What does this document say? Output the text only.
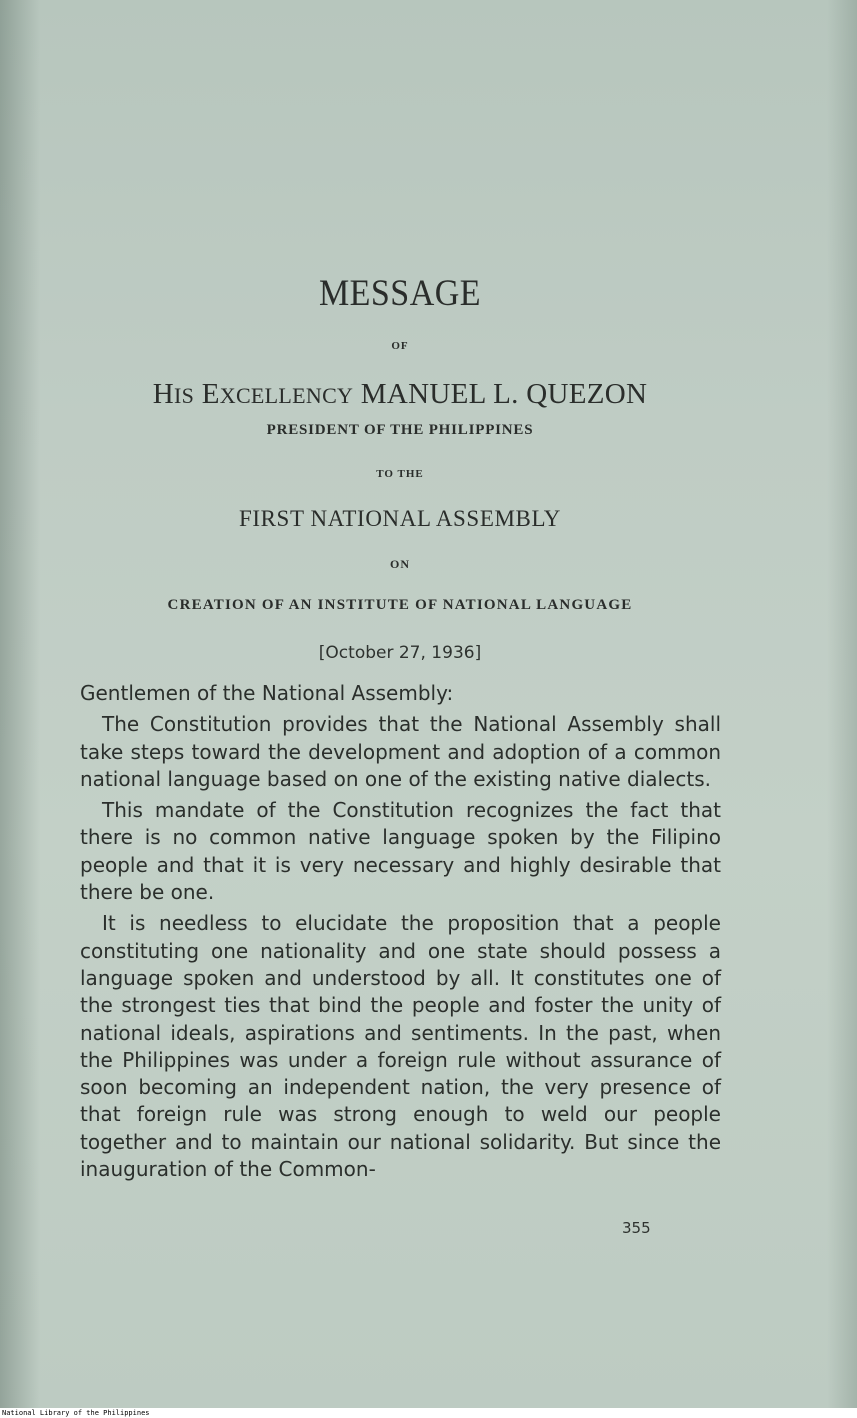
MESSAGE
OF
HIS EXCELLENCY MANUEL L. QUEZON
PRESIDENT OF THE PHILIPPINES
TO THE
FIRST NATIONAL ASSEMBLY
ON
CREATION OF AN INSTITUTE OF NATIONAL LANGUAGE
[October 27, 1936]

Gentlemen of the National Assembly:

The Constitution provides that the National Assembly shall take steps toward the development and adoption of a common national language based on one of the existing native dialects.

This mandate of the Constitution recognizes the fact that there is no common native language spoken by the Filipino people and that it is very necessary and highly desirable that there be one.

It is needless to elucidate the proposition that a people constituting one nationality and one state should possess a language spoken and understood by all. It constitutes one of the strongest ties that bind the people and foster the unity of national ideals, aspirations and sentiments. In the past, when the Philippines was under a foreign rule without assurance of soon becoming an independent nation, the very presence of that foreign rule was strong enough to weld our people together and to maintain our national solidarity. But since the inauguration of the Common-

355
National Library of the Philippines
